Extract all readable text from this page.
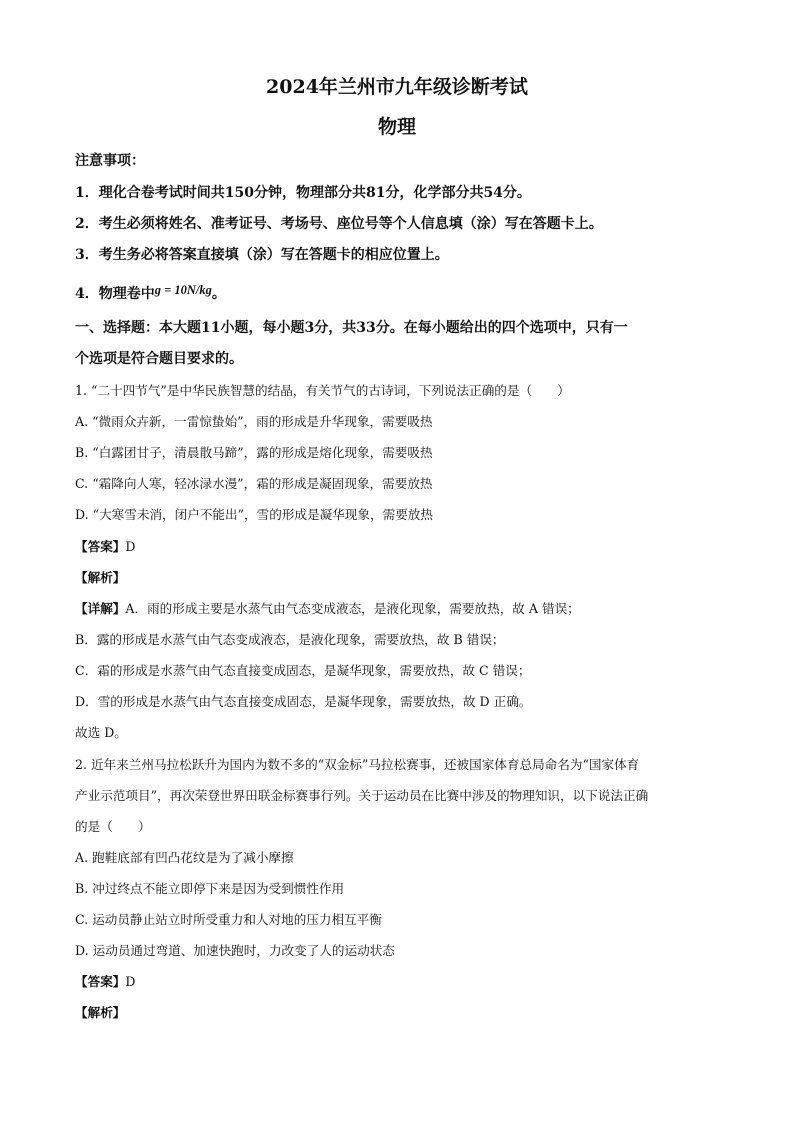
2024年兰州市九年级诊断考试
物理
注意事项：
1．理化合卷考试时间共150分钟，物理部分共81分，化学部分共54分。
2．考生必须将姓名、准考证号、考场号、座位号等个人信息填（涂）写在答题卡上。
3．考生务必将答案直接填（涂）写在答题卡的相应位置上。
4．物理卷中g = 10N/kg。
一、选择题：本大题11小题，每小题3分，共33分。在每小题给出的四个选项中，只有一
个选项是符合题目要求的。
1. “二十四节气”是中华民族智慧的结晶，有关节气的古诗词，下列说法正确的是（　　）
A. “微雨众卉新，一雷惊蛰始”，雨的形成是升华现象，需要吸热
B. “白露团甘子，清晨散马蹄”，露的形成是熔化现象，需要吸热
C. “霜降向人寒，轻冰渌水漫”，霜的形成是凝固现象，需要放热
D. “大寒雪未消，闭户不能出”，雪的形成是凝华现象，需要放热
【答案】D
【解析】
【详解】A．雨的形成主要是水蒸气由气态变成液态，是液化现象，需要放热，故 A 错误；
B．露的形成是水蒸气由气态变成液态，是液化现象，需要放热，故 B 错误；
C．霜的形成是水蒸气由气态直接变成固态，是凝华现象，需要放热，故 C 错误；
D．雪的形成是水蒸气由气态直接变成固态，是凝华现象，需要放热，故 D 正确。
故选 D。
2. 近年来兰州马拉松跃升为国内为数不多的“双金标”马拉松赛事，还被国家体育总局命名为“国家体育
产业示范项目”，再次荣登世界田联金标赛事行列。关于运动员在比赛中涉及的物理知识，以下说法正确
的是（　　）
A. 跑鞋底部有凹凸花纹是为了减小摩擦
B. 冲过终点不能立即停下来是因为受到惯性作用
C. 运动员静止站立时所受重力和人对地的压力相互平衡
D. 运动员通过弯道、加速快跑时，力改变了人的运动状态
【答案】D
【解析】
